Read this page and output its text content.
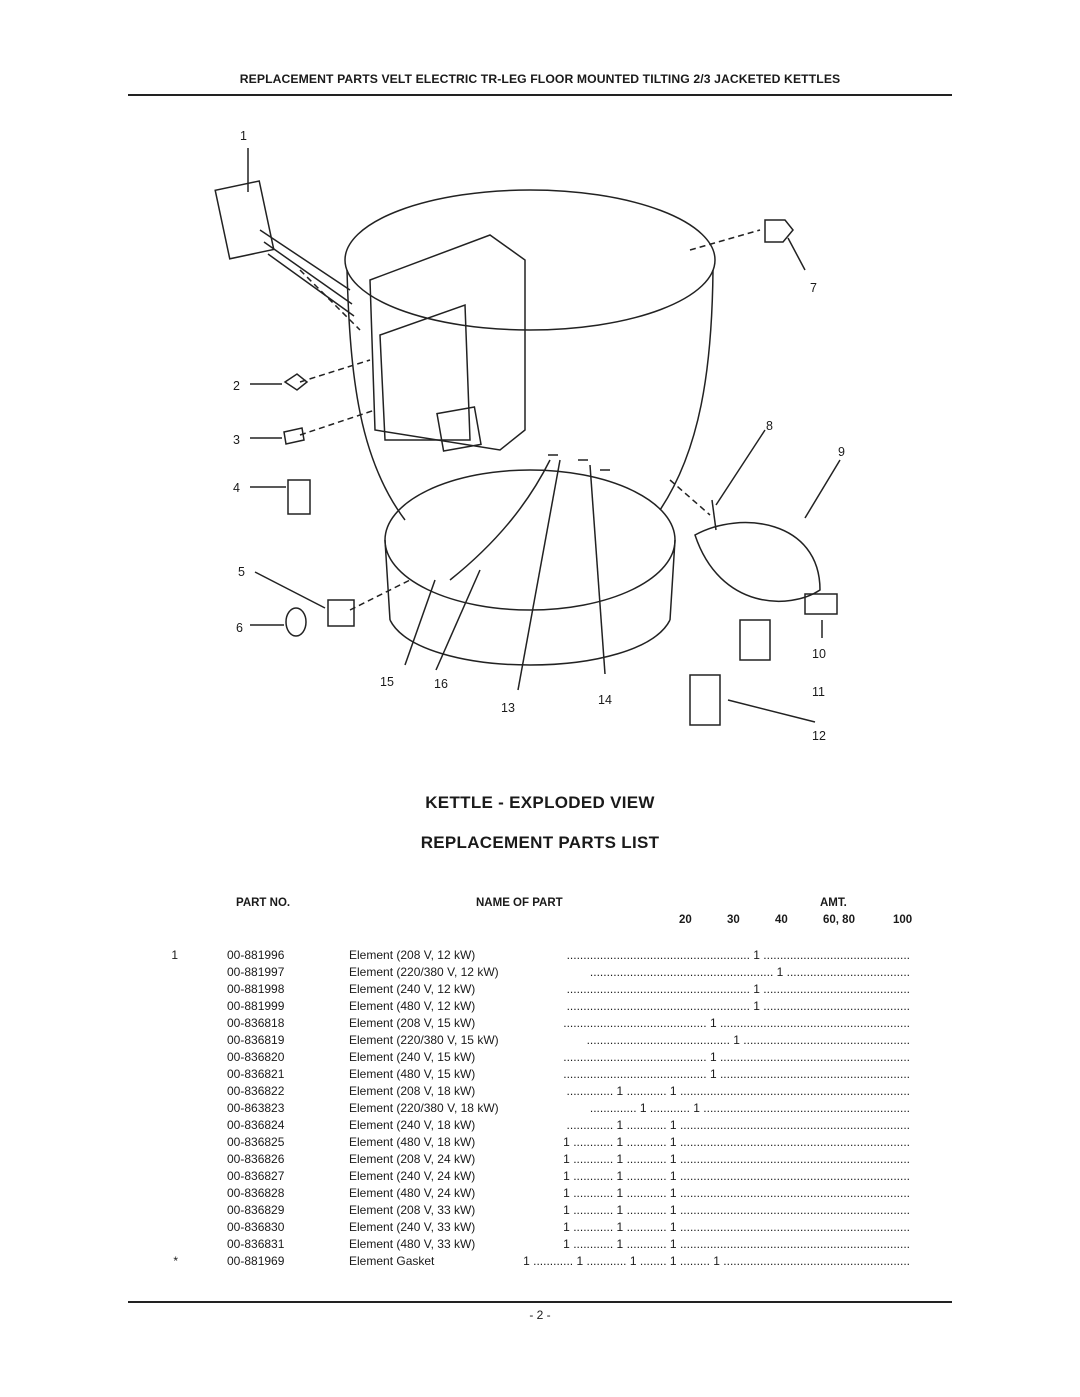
REPLACEMENT PARTS VELT ELECTRIC TR-LEG FLOOR MOUNTED TILTING 2/3 JACKETED KETTLES
1
2
3
4
5
6
7
8
9
10
11
12
13
14
15	16
KETTLE - EXPLODED VIEW
REPLACEMENT PARTS LIST
PART NO.	NAME OF PART	AMT.
20	30	40	60, 80	100
1	00-881996	Element (208 V, 12 kW)	............................................ 1 .......................................................
00-881997	Element (220/380 V, 12 kW)	..................................... 1 .......................................................
00-881998	Element (240 V, 12 kW)	............................................ 1 .......................................................
00-881999	Element (480 V, 12 kW)	............................................ 1 .......................................................
00-836818	Element (208 V, 15 kW)	......................................................... 1 ...........................................
00-836819	Element (220/380 V, 15 kW)	.................................................. 1 ...........................................
00-836820	Element (240 V, 15 kW)	......................................................... 1 ...........................................
00-836821	Element (480 V, 15 kW)	......................................................... 1 ...........................................
00-836822	Element (208 V, 18 kW)	..................................................................... 1 ............ 1 ..............
00-863823	Element (220/380 V, 18 kW)	.............................................................. 1 ............ 1 ..............
00-836824	Element (240 V, 18 kW)	..................................................................... 1 ............ 1 ..............
00-836825	Element (480 V, 18 kW)	..................................................................... 1 ............ 1 ............ 1
00-836826	Element (208 V, 24 kW)	..................................................................... 1 ............ 1 ............ 1
00-836827	Element (240 V, 24 kW)	..................................................................... 1 ............ 1 ............ 1
00-836828	Element (480 V, 24 kW)	..................................................................... 1 ............ 1 ............ 1
00-836829	Element (208 V, 33 kW)	..................................................................... 1 ............ 1 ............ 1
00-836830	Element (240 V, 33 kW)	..................................................................... 1 ............ 1 ............ 1
00-836831	Element (480 V, 33 kW)	..................................................................... 1 ............ 1 ............ 1
*	00-881969	Element Gasket	........................................................ 1 ......... 1 ........ 1 ............ 1 ............ 1
- 2 -
